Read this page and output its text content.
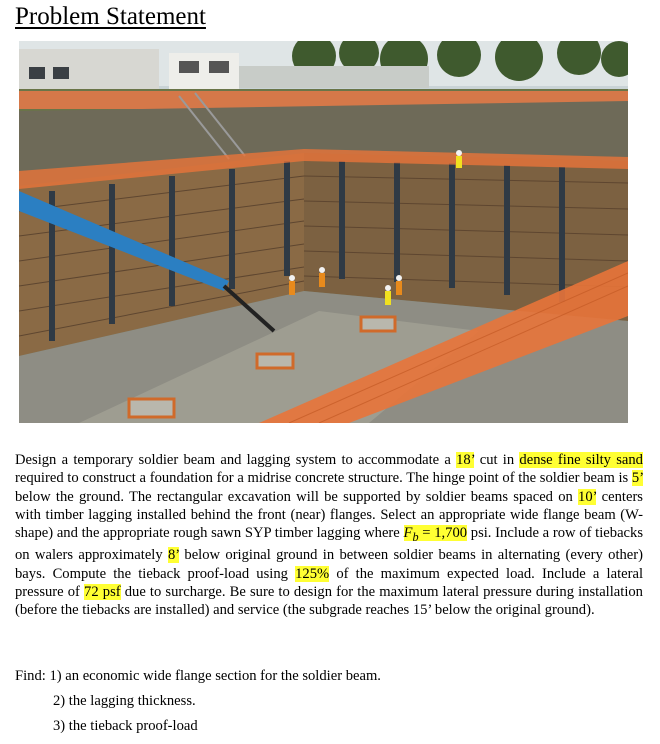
Problem Statement
Design a temporary soldier beam and lagging system to accommodate a 18’ cut in dense fine silty sand required to construct a foundation for a midrise concrete structure. The hinge point of the soldier beam is 5’ below the ground. The rectangular excavation will be supported by soldier beams spaced on 10’ centers with timber lagging installed behind the front (near) flanges. Select an appropriate wide flange beam (W-shape) and the appropriate rough sawn SYP timber lagging where $F_b = 1,700$ psi. Include a row of tiebacks on walers approximately 8’ below original ground in between soldier beams in alternating (every other) bays. Compute the tieback proof-load using 125% of the maximum expected load. Include a lateral pressure of 72 psf due to surcharge. Be sure to design for the maximum lateral pressure during installation (before the tiebacks are installed) and service (the subgrade reaches 15’ below the original ground).
Find: 1) an economic wide flange section for the soldier beam.
2) the lagging thickness.
3) the tieback proof-load
